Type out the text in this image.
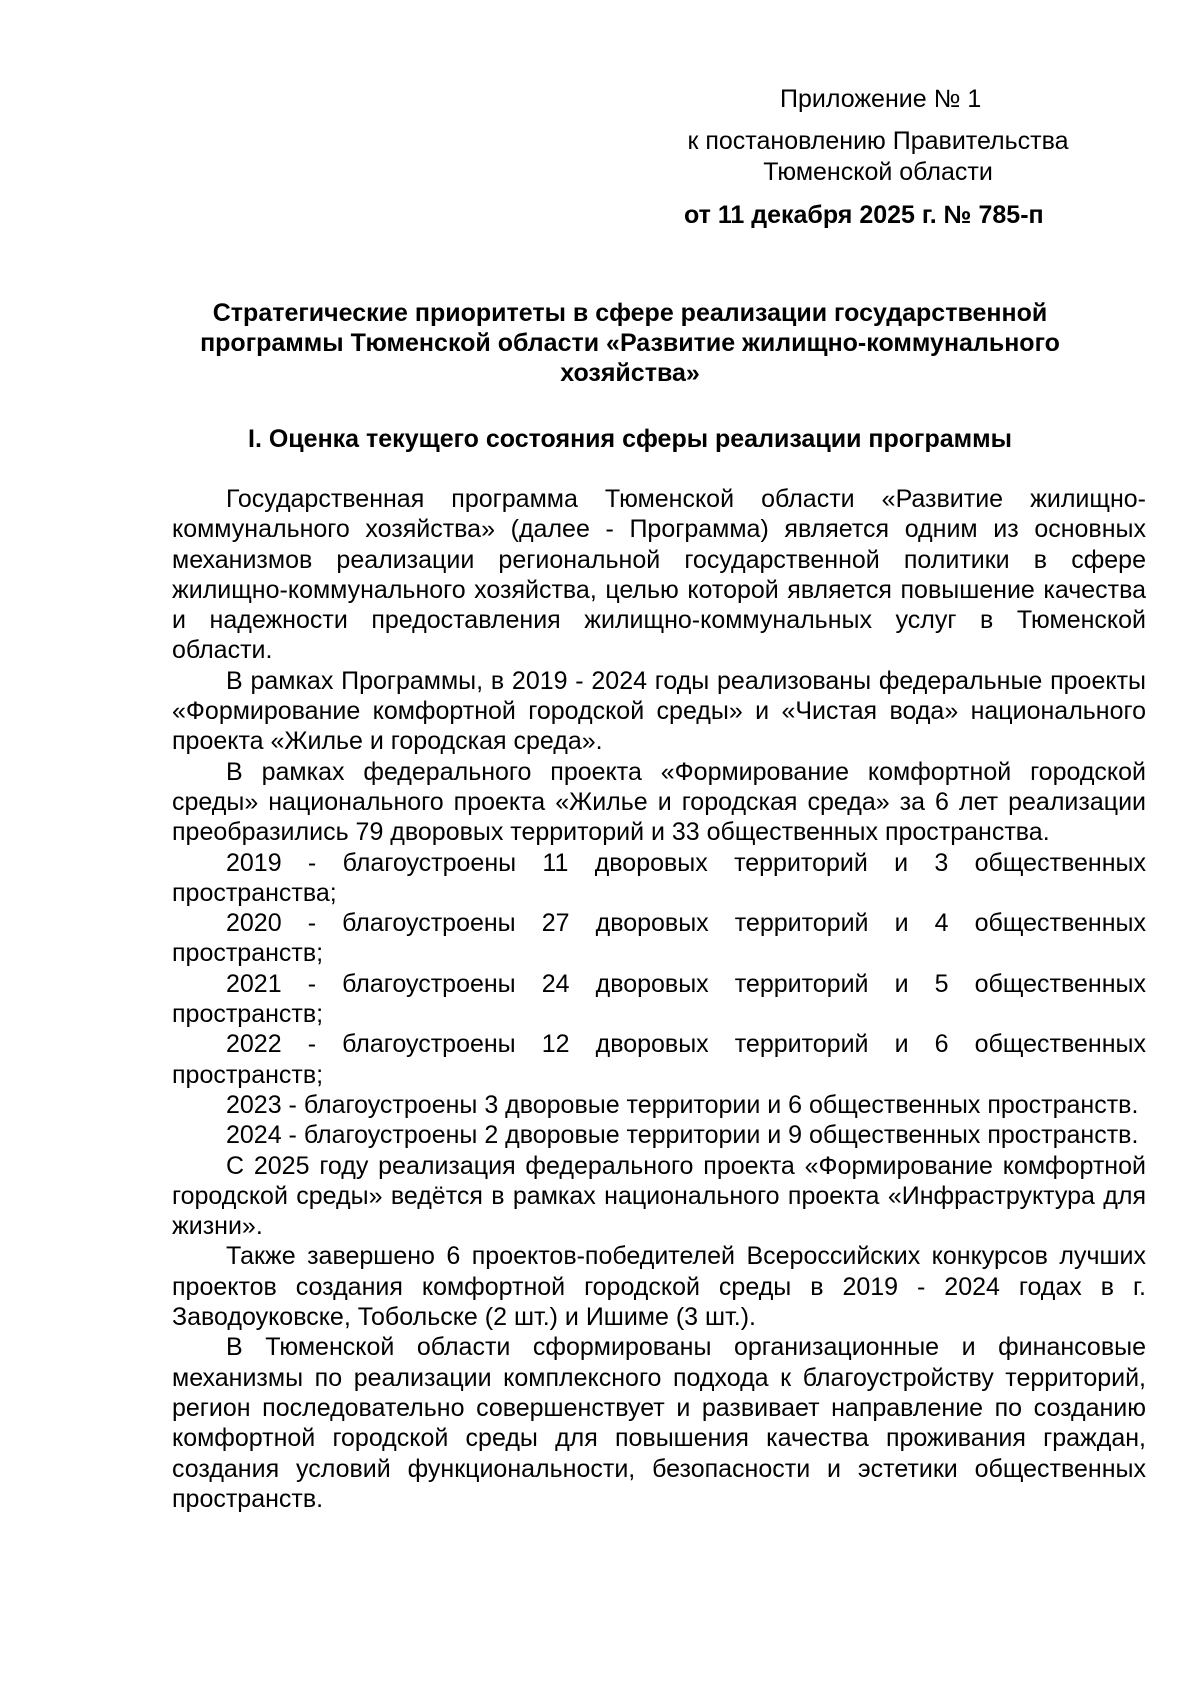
Приложение № 1
к постановлению Правительства
Тюменской области
от 11 декабря 2025 г. № 785-п
Стратегические приоритеты в сфере реализации государственной
программы Тюменской области «Развитие жилищно-коммунального
хозяйства»
I. Оценка текущего состояния сферы реализации программы

Государственная программа Тюменской области «Развитие жилищно-коммунального хозяйства» (далее - Программа) является одним из основных механизмов реализации региональной государственной политики в сфере жилищно-коммунального хозяйства, целью которой является повышение качества и надежности предоставления жилищно-коммунальных услуг в Тюменской области.

В рамках Программы, в 2019 - 2024 годы реализованы федеральные проекты «Формирование комфортной городской среды» и «Чистая вода» национального проекта «Жилье и городская среда».

В рамках федерального проекта «Формирование комфортной городской среды» национального проекта «Жилье и городская среда» за 6 лет реализации преобразились 79 дворовых территорий и 33 общественных пространства.

2019 - благоустроены 11 дворовых территорий и 3 общественных пространства;

2020 - благоустроены 27 дворовых территорий и 4 общественных пространств;

2021 - благоустроены 24 дворовых территорий и 5 общественных пространств;

2022 - благоустроены 12 дворовых территорий и 6 общественных пространств;

2023 - благоустроены 3 дворовые территории и 6 общественных пространств.

2024 - благоустроены 2 дворовые территории и 9 общественных пространств.

С 2025 году реализация федерального проекта «Формирование комфортной городской среды» ведётся в рамках национального проекта «Инфраструктура для жизни».

Также завершено 6 проектов-победителей Всероссийских конкурсов лучших проектов создания комфортной городской среды в 2019 - 2024 годах в г. Заводоуковске, Тобольске (2 шт.) и Ишиме (3 шт.).

В Тюменской области сформированы организационные и финансовые механизмы по реализации комплексного подхода к благоустройству территорий, регион последовательно совершенствует и развивает направление по созданию комфортной городской среды для повышения качества проживания граждан, создания условий функциональности, безопасности и эстетики общественных пространств.
